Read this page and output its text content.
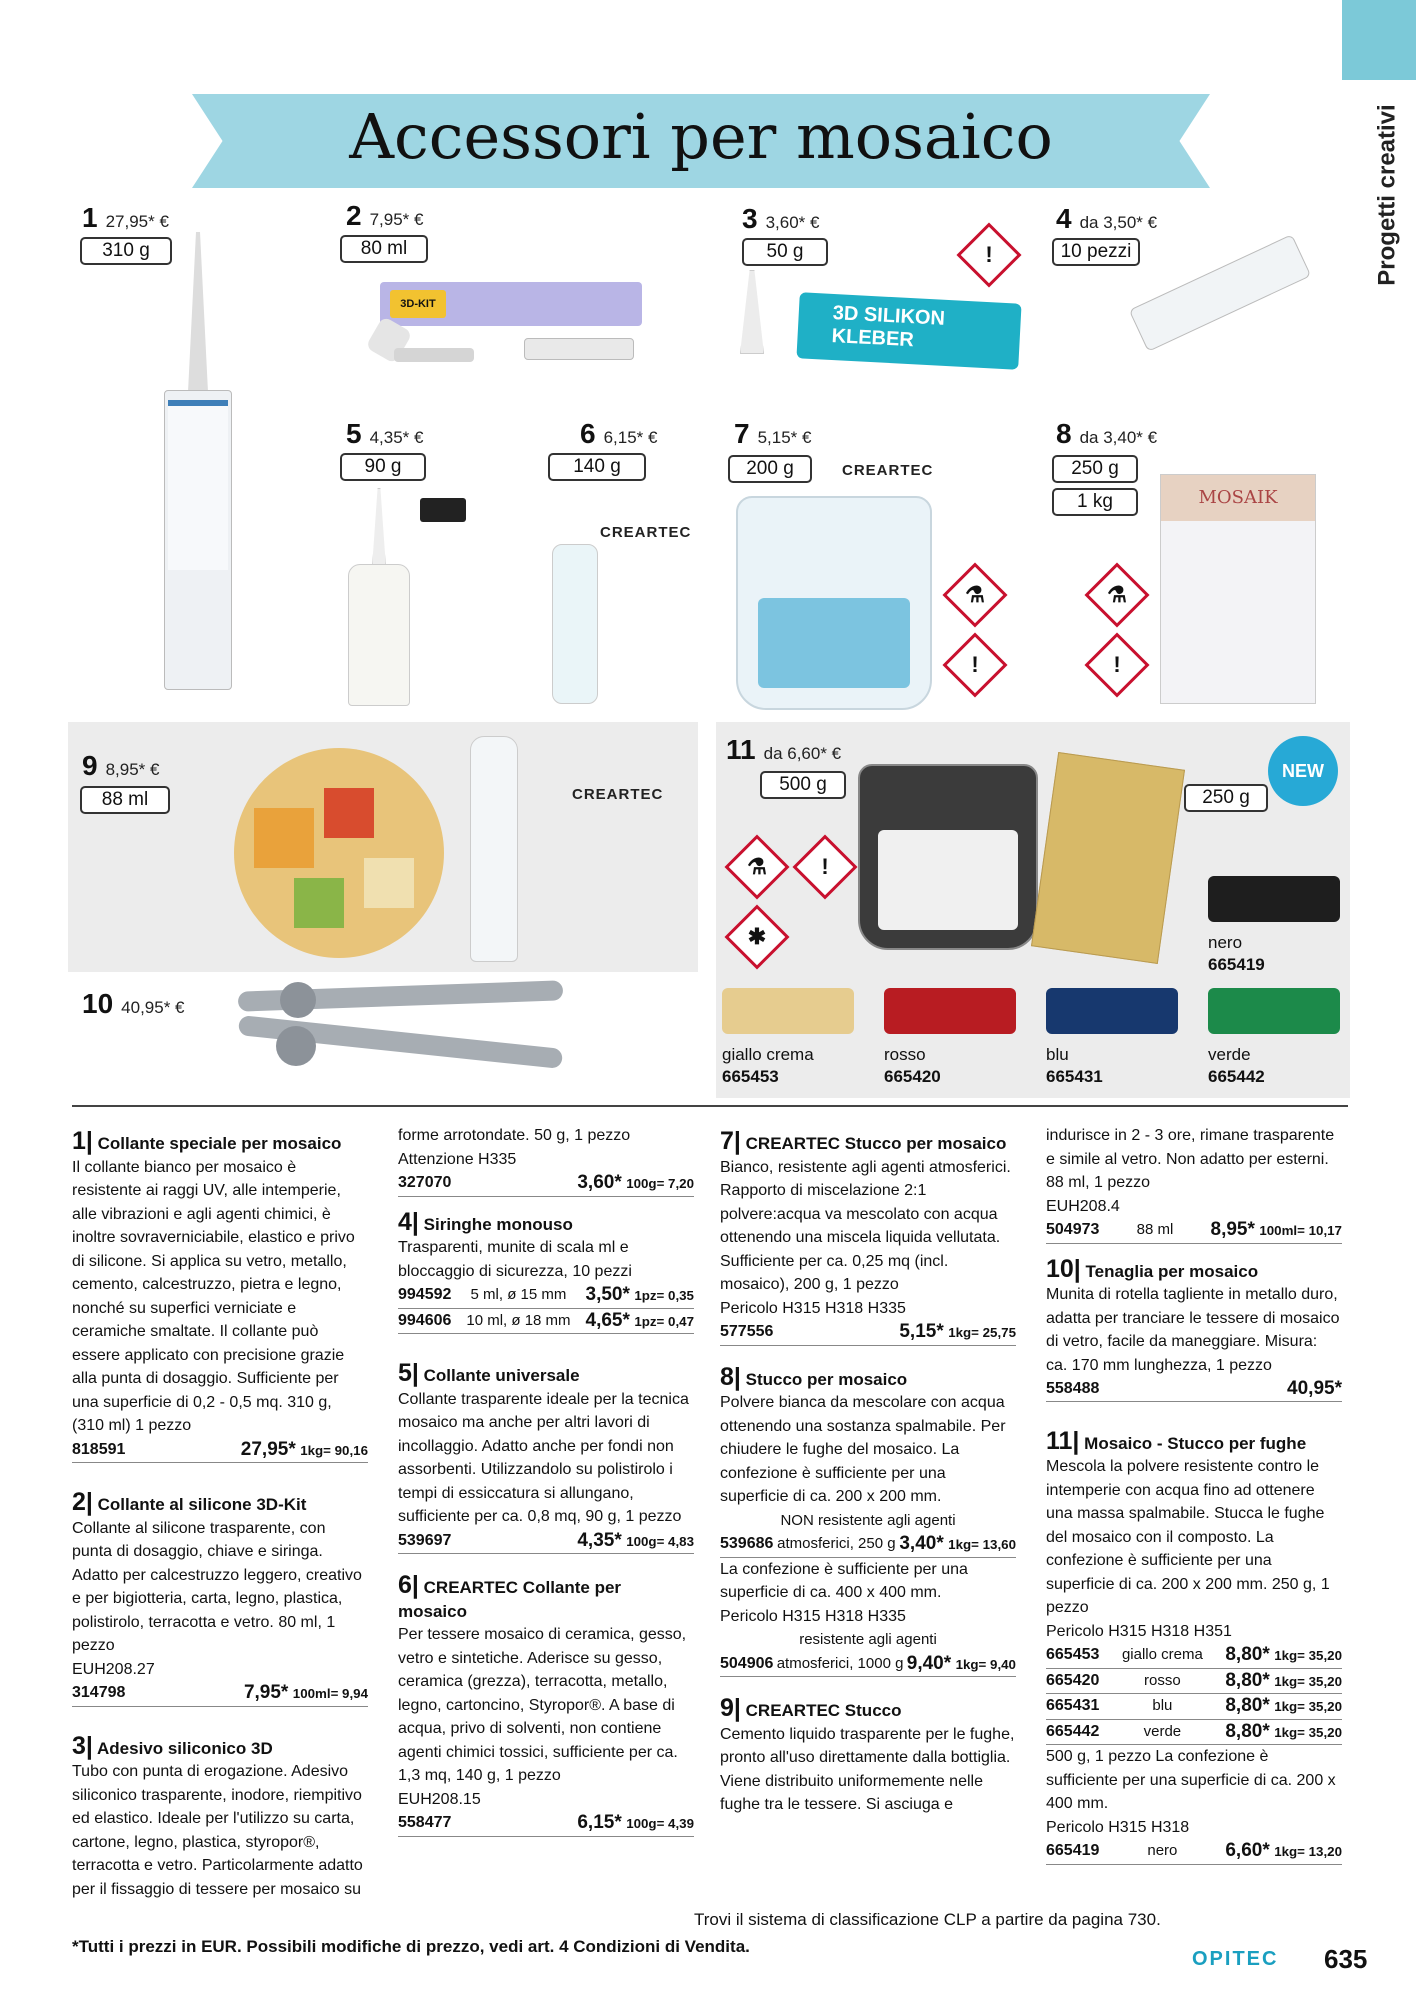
Progetti creativi
Accessori per mosaico
1 27,95* €
310 g
2 7,95* €
80 ml
3 3,60* €
50 g
4 da 3,50* €
10 pezzi
5 4,35* €
90 g
6 6,15* €
140 g
7 5,15* €
200 g
8 da 3,40* €
250 g
1 kg
3D-KIT	3D SILIKON KLEBER
CREARTEC
CREARTEC
⚗
!
⚗
!
!
MOSAIK
9 8,95* €
88 ml	CREARTEC
11 da 6,60* €
500 g
250 g
NEW
⚗	!
✱	nero
665419
giallo crema
665453
rosso
665420
blu
665431
verde
665442
10 40,95* €
1| Collante speciale per mosaico

Il collante bianco per mosaico è resistente ai raggi UV, alle intemperie, alle vibrazioni e agli agenti chimici, è inoltre sovraverniciabile, elastico e privo di silicone. Si applica su vetro, metallo, cemento, calcestruzzo, pietra e legno, nonché su superfici verniciate e ceramiche smaltate. Il collante può essere applicato con precisione grazie alla punta di dosaggio. Sufficiente per una superficie di 0,2 - 0,5 mq. 310 g, (310 ml) 1 pezzo

818591	27,95* 1kg= 90,16
2| Collante al silicone 3D-Kit

Collante al silicone trasparente, con punta di dosaggio, chiave e siringa. Adatto per calcestruzzo leggero, creativo e per bigiotteria, carta, legno, plastica, polistirolo, terracotta e vetro. 80 ml, 1 pezzo

EUH208.27

314798	7,95* 100ml= 9,94
3| Adesivo siliconico 3D

Tubo con punta di erogazione. Adesivo siliconico trasparente, inodore, riempitivo ed elastico. Ideale per l'utilizzo su carta, cartone, legno, plastica, styropor®, terracotta e vetro. Particolarmente adatto per il fissaggio di tessere per mosaico su

forme arrotondate. 50 g, 1 pezzo

Attenzione H335

327070	3,60* 100g= 7,20
4| Siringhe monouso

Trasparenti, munite di scala ml e bloccaggio di sicurezza, 10 pezzi

994592 5 ml, ø 15 mm 3,50* 1pz= 0,35
994606 10 ml, ø 18 mm 4,65* 1pz= 0,47
5| Collante universale

Collante trasparente ideale per la tecnica mosaico ma anche per altri lavori di incollaggio. Adatto anche per fondi non assorbenti. Utilizzandolo su polistirolo i tempi di essiccatura si allungano, sufficiente per ca. 0,8 mq, 90 g, 1 pezzo

539697	4,35* 100g= 4,83
6| CREARTEC Collante per mosaico

Per tessere mosaico di ceramica, gesso, vetro e sintetiche. Aderisce su gesso, ceramica (grezza), terracotta, metallo, legno, cartoncino, Styropor®. A base di acqua, privo di solventi, non contiene agenti chimici tossici, sufficiente per ca. 1,3 mq, 140 g, 1 pezzo

EUH208.15

558477	6,15* 100g= 4,39
7| CREARTEC Stucco per mosaico

Bianco, resistente agli agenti atmosferici. Rapporto di miscelazione 2:1 polvere:acqua va mescolato con acqua ottenendo una miscela liquida vellutata. Sufficiente per ca. 0,25 mq (incl. mosaico), 200 g, 1 pezzo

Pericolo H315 H318 H335

577556	5,15* 1kg= 25,75
8| Stucco per mosaico

Polvere bianca da mescolare con acqua ottenendo una sostanza spalmabile. Per chiudere le fughe del mosaico. La confezione è sufficiente per una superficie di ca. 200 x 200 mm.

NON resistente agli agenti

539686 atmosferici, 250 g 3,40* 1kg= 13,60

La confezione è sufficiente per una superficie di ca. 400 x 400 mm.

Pericolo H315 H318 H335

resistente agli agenti

504906 atmosferici, 1000 g 9,40* 1kg= 9,40
9| CREARTEC Stucco

Cemento liquido trasparente per le fughe, pronto all'uso direttamente dalla bottiglia. Viene distribuito uniformemente nelle fughe tra le tessere. Si asciuga e

indurisce in 2 - 3 ore, rimane trasparente e simile al vetro. Non adatto per esterni. 88 ml, 1 pezzo

EUH208.4

504973 88 ml 8,95* 100ml= 10,17
10| Tenaglia per mosaico

Munita di rotella tagliente in metallo duro, adatta per tranciare le tessere di mosaico di vetro, facile da maneggiare. Misura: ca. 170 mm lunghezza, 1 pezzo

558488	40,95*
11| Mosaico - Stucco per fughe

Mescola la polvere resistente contro le intemperie con acqua fino ad ottenere una massa spalmabile. Stucca le fughe del mosaico con il composto. La confezione è sufficiente per una superficie di ca. 200 x 200 mm. 250 g, 1 pezzo

Pericolo H315 H318 H351

665453 giallo crema 8,80* 1kg= 35,20
665420	rosso 8,80* 1kg= 35,20
665431	blu	8,80* 1kg= 35,20
665442	verde 8,80* 1kg= 35,20

500 g, 1 pezzo La confezione è sufficiente per una superficie di ca. 200 x 400 mm.

Pericolo H315 H318

665419	nero	6,60* 1kg= 13,20
Trovi il sistema di classificazione CLP a partire da pagina 730.
*Tutti i prezzi in EUR. Possibili modifiche di prezzo, vedi art. 4 Condizioni di Vendita.
OPITEC 635
